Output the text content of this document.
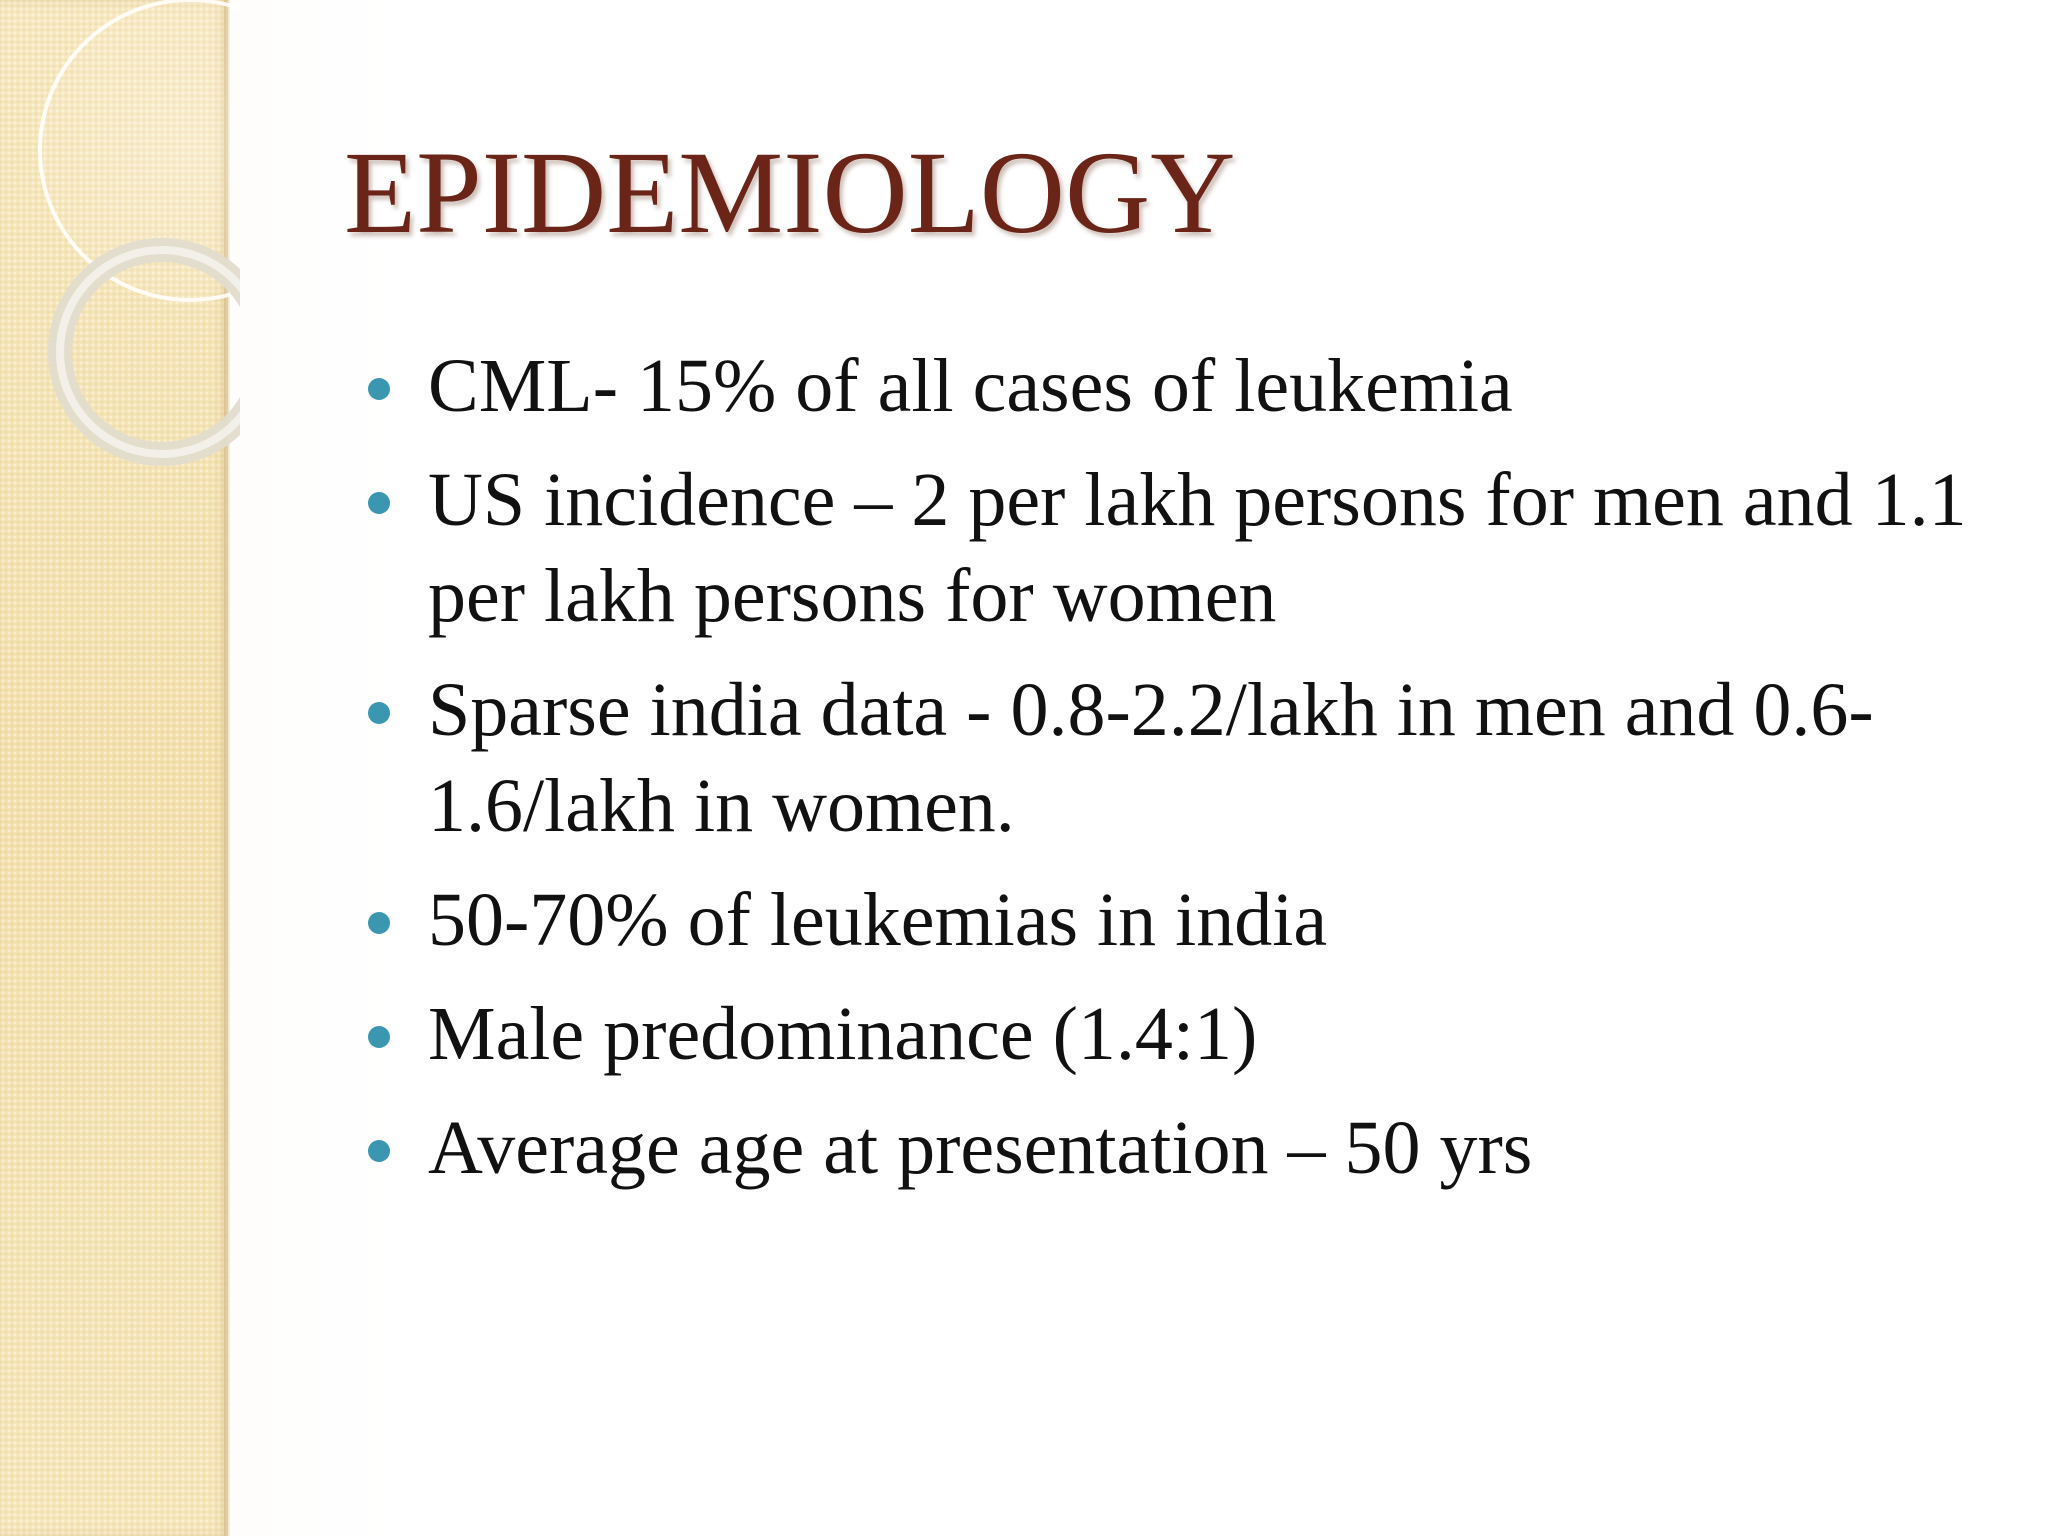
EPIDEMIOLOGY
CML- 15% of all cases of leukemia
US incidence – 2 per lakh persons for men and 1.1 per lakh persons for women
Sparse india data - 0.8-2.2/lakh in men and 0.6-1.6/lakh in women.
50-70% of leukemias in india
Male predominance (1.4:1)
Average age at presentation – 50 yrs
